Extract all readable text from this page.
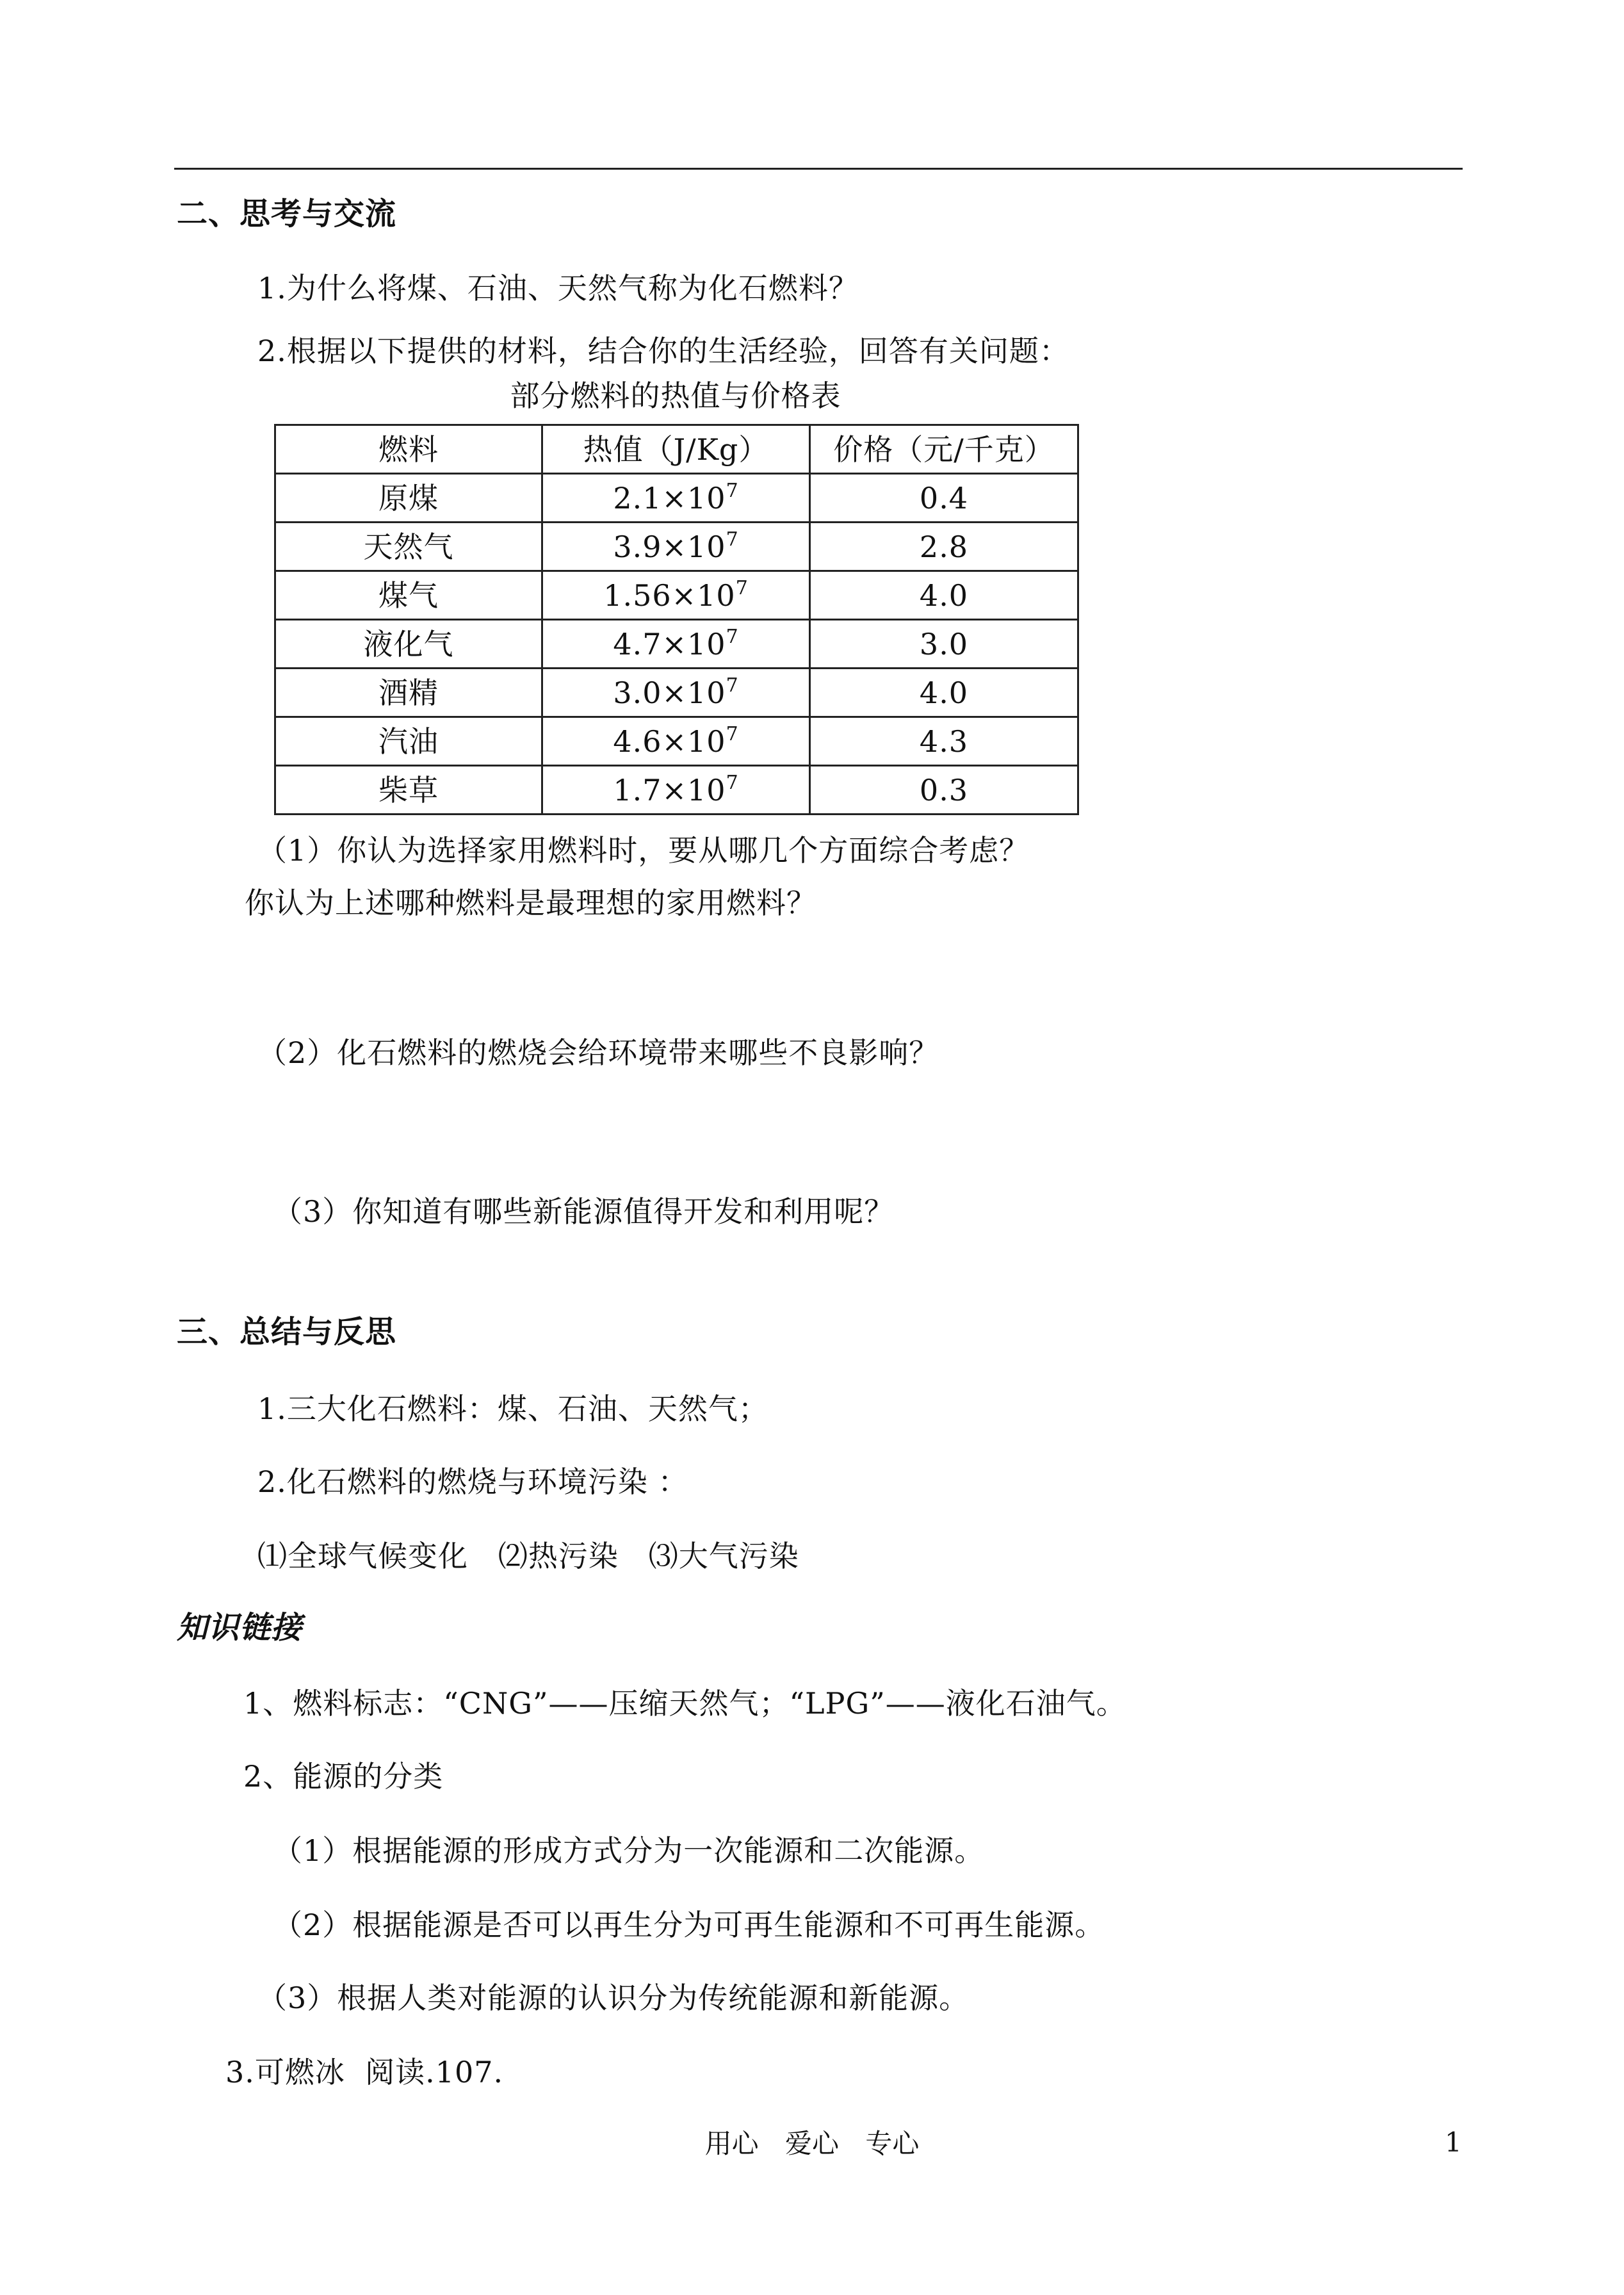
二、思考与交流
1.为什么将煤、石油、天然气称为化石燃料？
2.根据以下提供的材料，结合你的生活经验，回答有关问题：
部分燃料的热值与价格表
燃料	热值（J/Kg）	价格（元/千克）
原煤	$2.1\times 10^7$	0.4
天然气	$3.9\times 10^7$	2.8
煤气	$1.56\times 10^7$	4.0
液化气	$4.7\times 10^7$	3.0
酒精	$3.0\times 10^7$	4.0
汽油	$4.6\times 10^7$	4.3
柴草	$1.7\times 10^7$	0.3
（1）你认为选择家用燃料时，要从哪几个方面综合考虑？
你认为上述哪种燃料是最理想的家用燃料？
（2）化石燃料的燃烧会给环境带来哪些不良影响？
（3）你知道有哪些新能源值得开发和利用呢？
三、总结与反思
1.三大化石燃料：煤、石油、天然气；
2.化石燃料的燃烧与环境污染 ：
⑴全球气候变化   ⑵热污染   ⑶大气污染
知识链接
1、燃料标志：“CNG”——压缩天然气；“LPG”——液化石油气。
2、能源的分类
（1）根据能源的形成方式分为一次能源和二次能源。
（2）根据能源是否可以再生分为可再生能源和不可再生能源。
（3）根据人类对能源的认识分为传统能源和新能源。
3.可燃冰  阅读.107.
用心 爱心 专心	1
